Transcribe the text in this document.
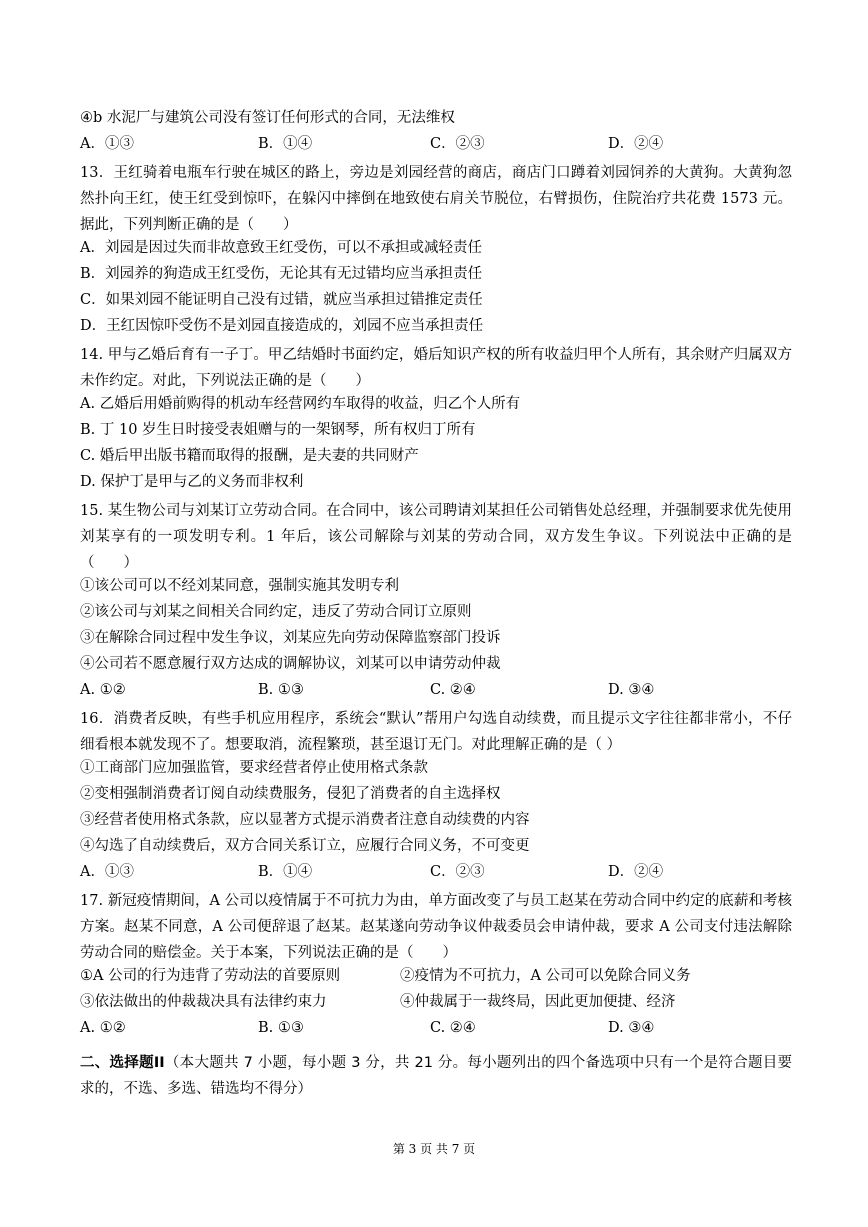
④b 水泥厂与建筑公司没有签订任何形式的合同，无法维权
A．①③	B．①④	C．②③	D．②④
13．王红骑着电瓶车行驶在城区的路上，旁边是刘园经营的商店，商店门口蹲着刘园饲养的大黄狗。大黄狗忽然扑向王红，使王红受到惊吓，在躲闪中摔倒在地致使右肩关节脱位，右臂损伤，住院治疗共花费 1573 元。据此，下列判断正确的是（　　）
A．刘园是因过失而非故意致王红受伤，可以不承担或减轻责任
B．刘园养的狗造成王红受伤，无论其有无过错均应当承担责任
C．如果刘园不能证明自己没有过错，就应当承担过错推定责任
D．王红因惊吓受伤不是刘园直接造成的，刘园不应当承担责任
14. 甲与乙婚后育有一子丁。甲乙结婚时书面约定，婚后知识产权的所有收益归甲个人所有，其余财产归属双方未作约定。对此，下列说法正确的是（　　）
A. 乙婚后用婚前购得的机动车经营网约车取得的收益，归乙个人所有
B. 丁 10 岁生日时接受表姐赠与的一架钢琴，所有权归丁所有
C. 婚后甲出版书籍而取得的报酬，是夫妻的共同财产
D. 保护丁是甲与乙的义务而非权利
15. 某生物公司与刘某订立劳动合同。在合同中，该公司聘请刘某担任公司销售处总经理，并强制要求优先使用刘某享有的一项发明专利。1 年后，该公司解除与刘某的劳动合同，双方发生争议。下列说法中正确的是（　　）
①该公司可以不经刘某同意，强制实施其发明专利
②该公司与刘某之间相关合同约定，违反了劳动合同订立原则
③在解除合同过程中发生争议，刘某应先向劳动保障监察部门投诉
④公司若不愿意履行双方达成的调解协议，刘某可以申请劳动仲裁
A. ①②	B. ①③	C. ②④	D. ③④
16．消费者反映，有些手机应用程序，系统会“默认”帮用户勾选自动续费，而且提示文字往往都非常小，不仔细看根本就发现不了。想要取消，流程繁琐，甚至退订无门。对此理解正确的是（ ）
①工商部门应加强监管，要求经营者停止使用格式条款
②变相强制消费者订阅自动续费服务，侵犯了消费者的自主选择权
③经营者使用格式条款，应以显著方式提示消费者注意自动续费的内容
④勾选了自动续费后，双方合同关系订立，应履行合同义务，不可变更
A．①③	B．①④	C．②③	D．②④
17. 新冠疫情期间，A 公司以疫情属于不可抗力为由，单方面改变了与员工赵某在劳动合同中约定的底薪和考核方案。赵某不同意，A 公司便辞退了赵某。赵某遂向劳动争议仲裁委员会申请仲裁，要求 A 公司支付违法解除劳动合同的赔偿金。关于本案，下列说法正确的是（　　）
①A 公司的行为违背了劳动法的首要原则	②疫情为不可抗力，A 公司可以免除合同义务
③依法做出的仲裁裁决具有法律约束力	④仲裁属于一裁终局，因此更加便捷、经济
A. ①②	B. ①③	C. ②④	D. ③④
二、选择题II（本大题共 7 小题，每小题 3 分，共 21 分。每小题列出的四个备选项中只有一个是符合题目要求的，不选、多选、错选均不得分）
第 3 页 共 7 页
